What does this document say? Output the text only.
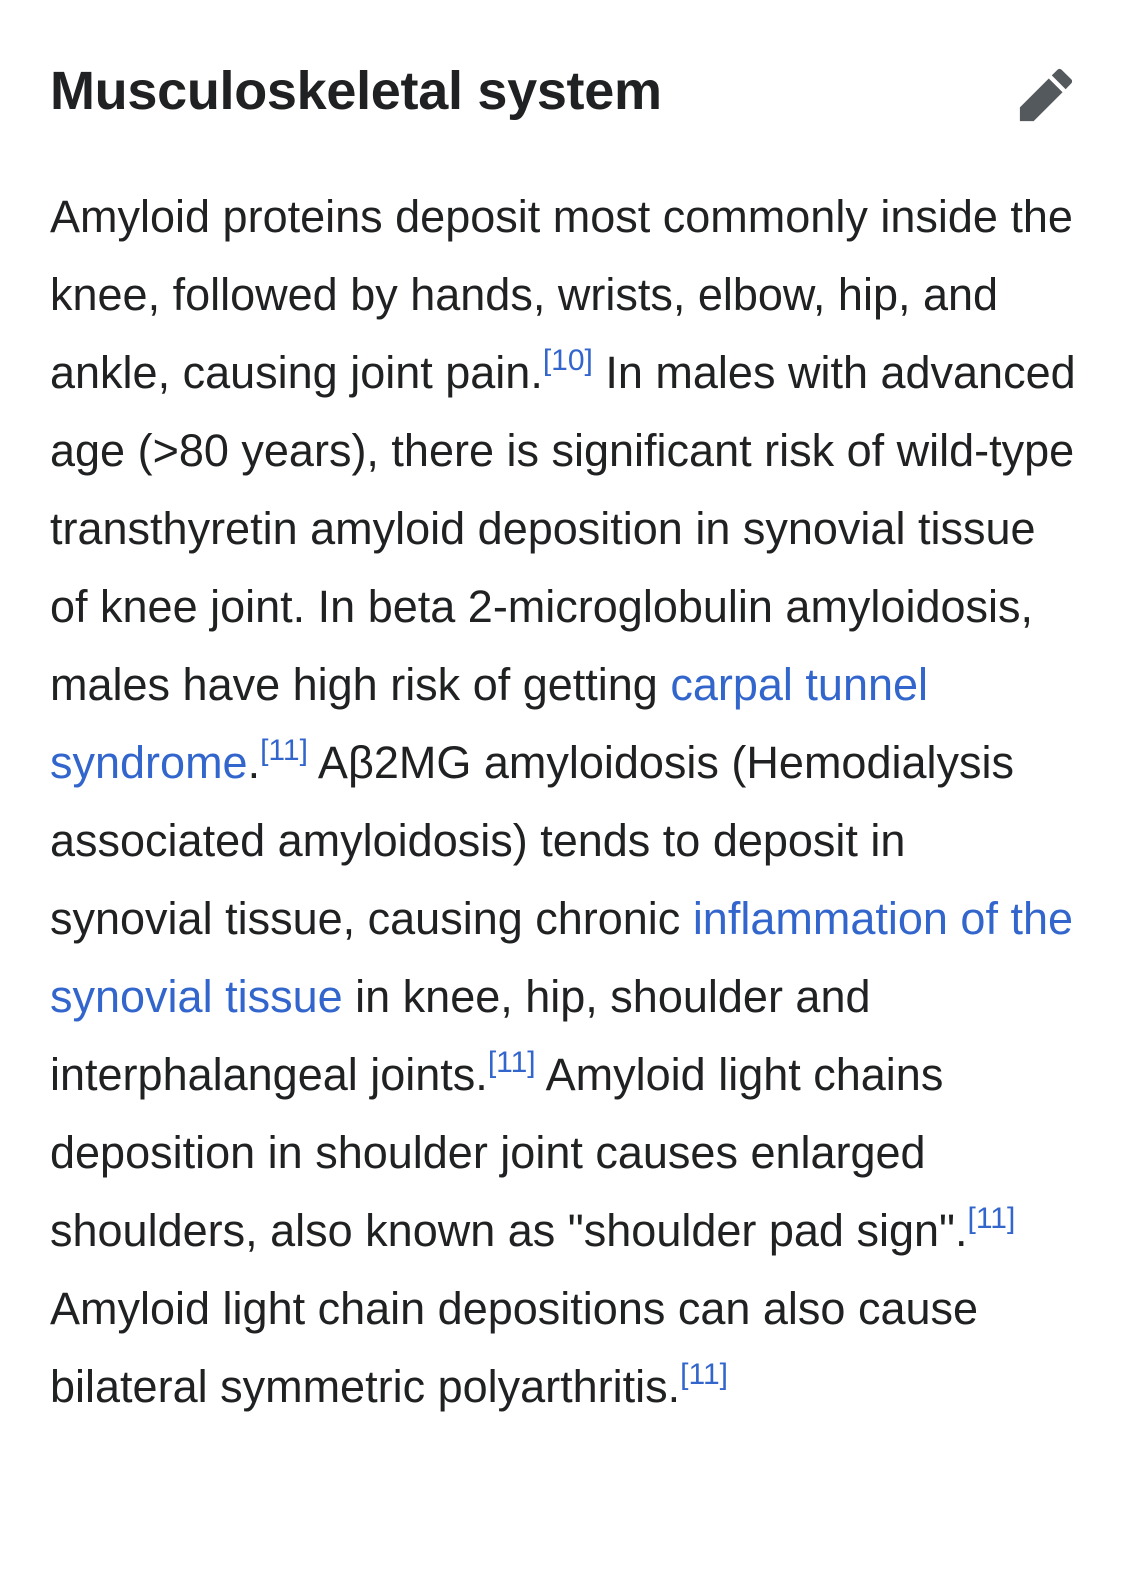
Musculoskeletal system

Amyloid proteins deposit most commonly inside the knee, followed by hands, wrists, elbow, hip, and ankle, causing joint pain.[10] In males with advanced age (>80 years), there is significant risk of wild-type transthyretin amyloid deposition in synovial tissue of knee joint. In beta 2-microglobulin amyloidosis, males have high risk of getting carpal tunnel syndrome.[11] Aβ2MG amyloidosis (Hemodialysis associated amyloidosis) tends to deposit in synovial tissue, causing chronic inflammation of the synovial tissue in knee, hip, shoulder and interphalangeal joints.[11] Amyloid light chains deposition in shoulder joint causes enlarged shoulders, also known as "shoulder pad sign".[11] Amyloid light chain depositions can also cause bilateral symmetric polyarthritis.[11]
